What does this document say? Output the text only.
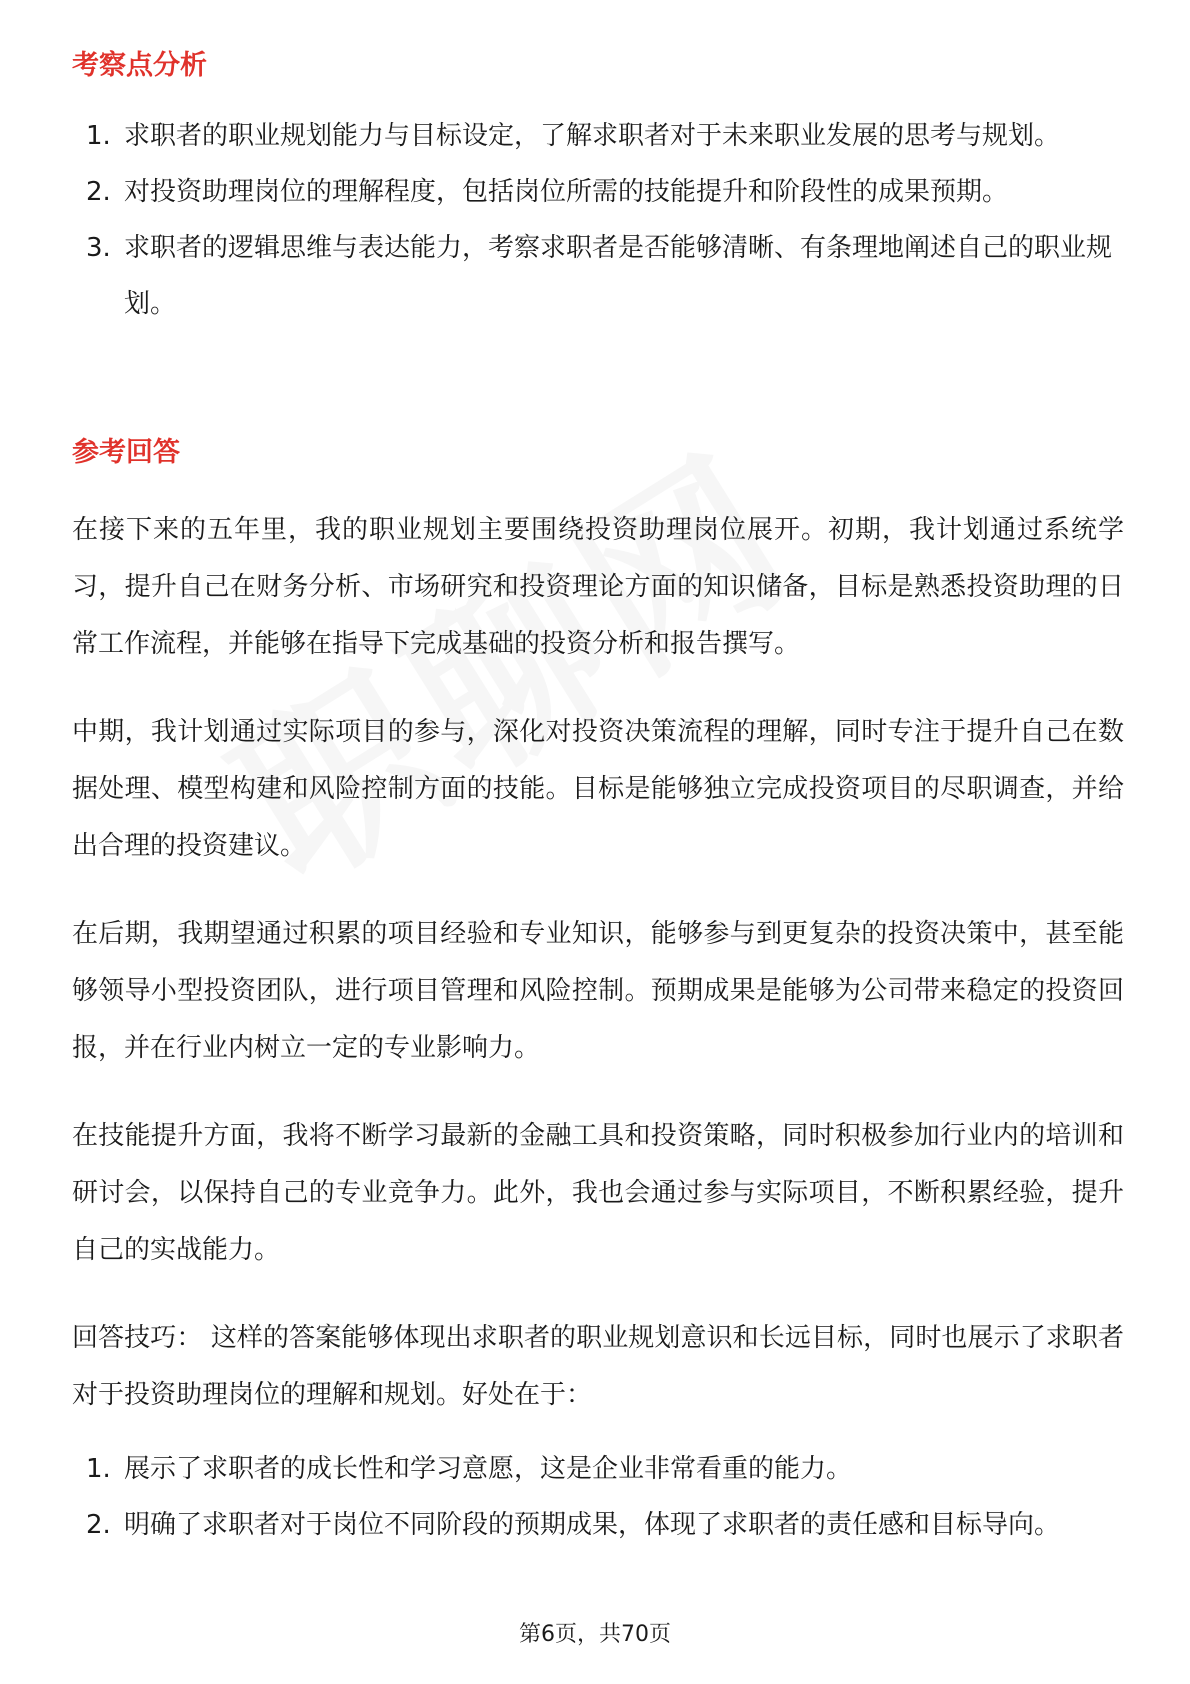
考察点分析
1. 求职者的职业规划能力与目标设定，了解求职者对于未来职业发展的思考与规划。
2. 对投资助理岗位的理解程度，包括岗位所需的技能提升和阶段性的成果预期。
3. 求职者的逻辑思维与表达能力，考察求职者是否能够清晰、有条理地阐述自己的职业规划。
参考回答

在接下来的五年里，我的职业规划主要围绕投资助理岗位展开。初期，我计划通过系统学习，提升自己在财务分析、市场研究和投资理论方面的知识储备，目标是熟悉投资助理的日常工作流程，并能够在指导下完成基础的投资分析和报告撰写。

中期，我计划通过实际项目的参与，深化对投资决策流程的理解，同时专注于提升自己在数据处理、模型构建和风险控制方面的技能。目标是能够独立完成投资项目的尽职调查，并给出合理的投资建议。

在后期，我期望通过积累的项目经验和专业知识，能够参与到更复杂的投资决策中，甚至能够领导小型投资团队，进行项目管理和风险控制。预期成果是能够为公司带来稳定的投资回报，并在行业内树立一定的专业影响力。

在技能提升方面，我将不断学习最新的金融工具和投资策略，同时积极参加行业内的培训和研讨会，以保持自己的专业竞争力。此外，我也会通过参与实际项目，不断积累经验，提升自己的实战能力。

回答技巧： 这样的答案能够体现出求职者的职业规划意识和长远目标，同时也展示了求职者对于投资助理岗位的理解和规划。好处在于：

1. 展示了求职者的成长性和学习意愿，这是企业非常看重的能力。
2. 明确了求职者对于岗位不同阶段的预期成果，体现了求职者的责任感和目标导向。
第6页，共70页
